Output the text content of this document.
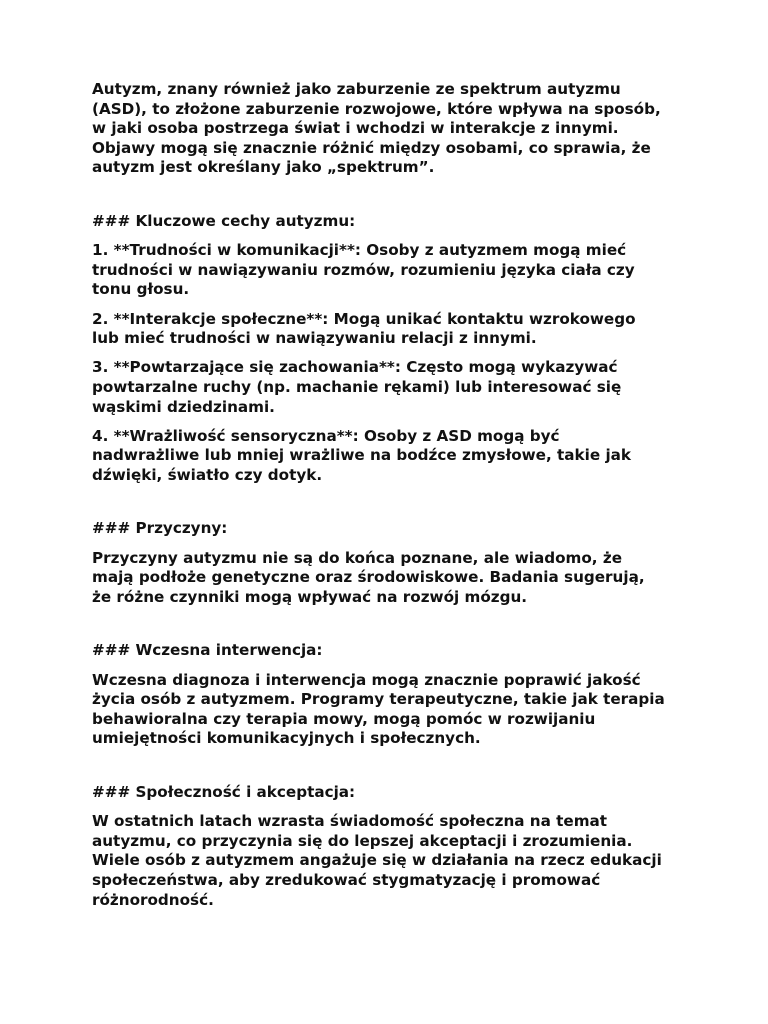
Autyzm, znany również jako zaburzenie ze spektrum autyzmu
(ASD), to złożone zaburzenie rozwojowe, które wpływa na sposób,
w jaki osoba postrzega świat i wchodzi w interakcje z innymi.
Objawy mogą się znacznie różnić między osobami, co sprawia, że
autyzm jest określany jako „spektrum”.
### Kluczowe cechy autyzmu:
1. **Trudności w komunikacji**: Osoby z autyzmem mogą mieć
trudności w nawiązywaniu rozmów, rozumieniu języka ciała czy
tonu głosu.
2. **Interakcje społeczne**: Mogą unikać kontaktu wzrokowego
lub mieć trudności w nawiązywaniu relacji z innymi.
3. **Powtarzające się zachowania**: Często mogą wykazywać
powtarzalne ruchy (np. machanie rękami) lub interesować się
wąskimi dziedzinami.
4. **Wrażliwość sensoryczna**: Osoby z ASD mogą być
nadwrażliwe lub mniej wrażliwe na bodźce zmysłowe, takie jak
dźwięki, światło czy dotyk.
### Przyczyny:
Przyczyny autyzmu nie są do końca poznane, ale wiadomo, że
mają podłoże genetyczne oraz środowiskowe. Badania sugerują,
że różne czynniki mogą wpływać na rozwój mózgu.
### Wczesna interwencja:
Wczesna diagnoza i interwencja mogą znacznie poprawić jakość
życia osób z autyzmem. Programy terapeutyczne, takie jak terapia
behawioralna czy terapia mowy, mogą pomóc w rozwijaniu
umiejętności komunikacyjnych i społecznych.
### Społeczność i akceptacja:
W ostatnich latach wzrasta świadomość społeczna na temat
autyzmu, co przyczynia się do lepszej akceptacji i zrozumienia.
Wiele osób z autyzmem angażuje się w działania na rzecz edukacji
społeczeństwa, aby zredukować stygmatyzację i promować
różnorodność.
